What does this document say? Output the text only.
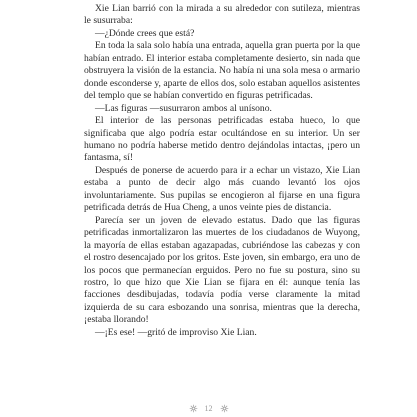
Xie Lian barrió con la mirada a su alrededor con sutileza, mientras le susurraba:

—¿Dónde crees que está?

En toda la sala solo había una entrada, aquella gran puerta por la que habían entrado. El interior estaba completamente desierto, sin nada que obstruyera la visión de la estancia. No había ni una sola mesa o armario donde esconderse y, aparte de ellos dos, solo estaban aquellos asistentes del templo que se habían convertido en figuras petrificadas.

—Las figuras —susurraron ambos al unísono.

El interior de las personas petrificadas estaba hueco, lo que significaba que algo podría estar ocultándose en su interior. Un ser humano no podría haberse metido dentro dejándolas intactas, ¡pero un fantasma, sí!

Después de ponerse de acuerdo para ir a echar un vistazo, Xie Lian estaba a punto de decir algo más cuando levantó los ojos involuntariamente. Sus pupilas se encogieron al fijarse en una figura petrificada detrás de Hua Cheng, a unos veinte pies de distancia.

Parecía ser un joven de elevado estatus. Dado que las figuras petrificadas inmortalizaron las muertes de los ciudadanos de Wuyong, la mayoría de ellas estaban agazapadas, cubriéndose las cabezas y con el rostro desencajado por los gritos. Este joven, sin embargo, era uno de los pocos que permanecían erguidos. Pero no fue su postura, sino su rostro, lo que hizo que Xie Lian se fijara en él: aunque tenía las facciones desdibujadas, todavía podía verse claramente la mitad izquierda de su cara esbozando una sonrisa, mientras que la derecha, ¡estaba llorando!

—¡Es ese! —gritó de improviso Xie Lian.

12
